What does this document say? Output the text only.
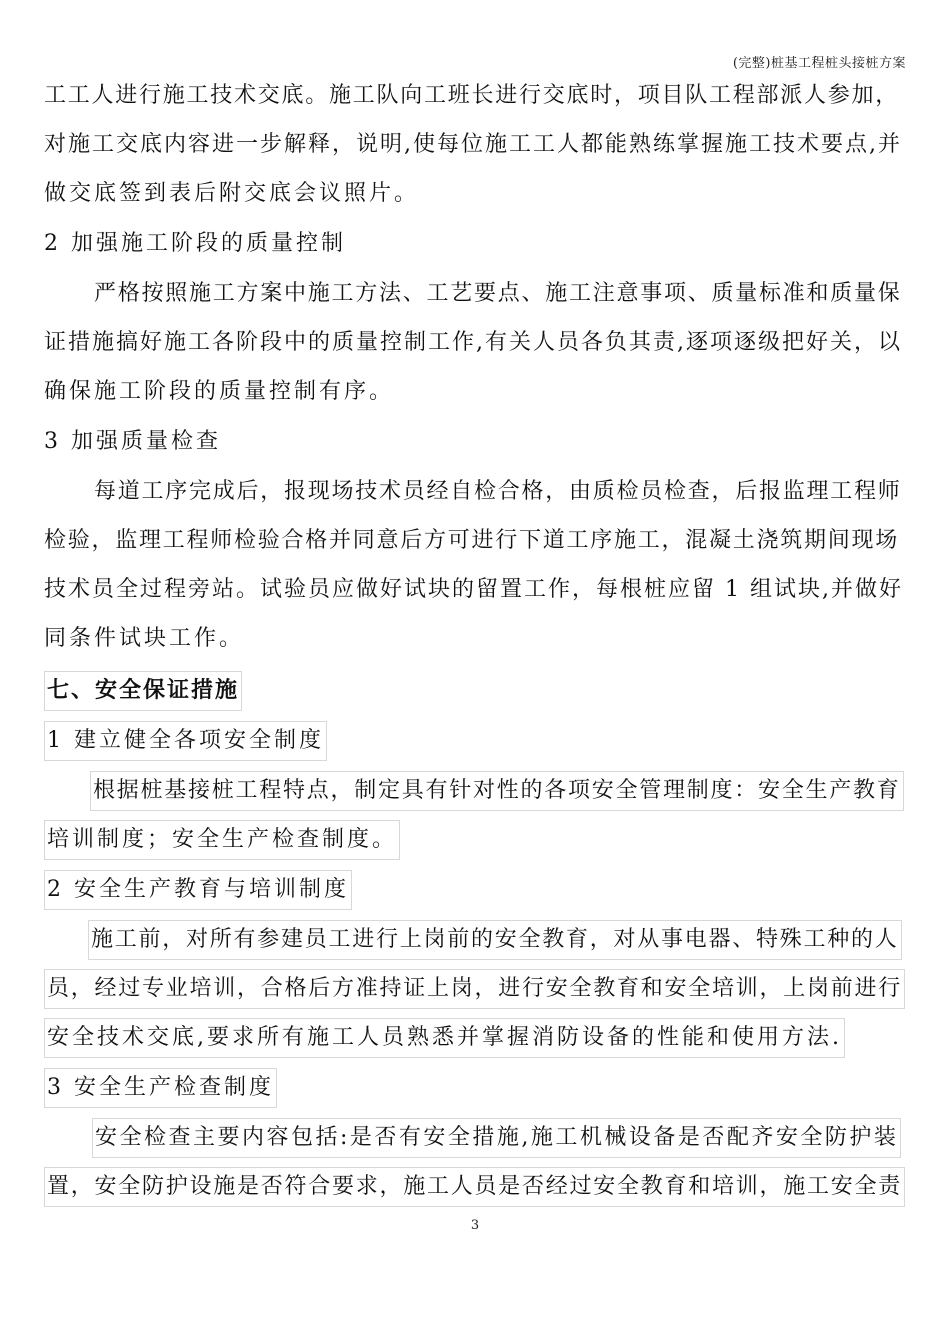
(完整)桩基工程桩头接桩方案
工工人进行施工技术交底。施工队向工班长进行交底时，项目队工程部派人参加，
对施工交底内容进一步解释，说明,使每位施工工人都能熟练掌握施工技术要点,并
做交底签到表后附交底会议照片。
2 加强施工阶段的质量控制
严格按照施工方案中施工方法、工艺要点、施工注意事项、质量标准和质量保
证措施搞好施工各阶段中的质量控制工作,有关人员各负其责,逐项逐级把好关，以
确保施工阶段的质量控制有序。
3 加强质量检查
每道工序完成后，报现场技术员经自检合格，由质检员检查，后报监理工程师
检验，监理工程师检验合格并同意后方可进行下道工序施工，混凝土浇筑期间现场
技术员全过程旁站。试验员应做好试块的留置工作，每根桩应留 1 组试块,并做好
同条件试块工作。
七、安全保证措施
1 建立健全各项安全制度
根据桩基接桩工程特点，制定具有针对性的各项安全管理制度：安全生产教育
培训制度；安全生产检查制度。
2 安全生产教育与培训制度
施工前，对所有参建员工进行上岗前的安全教育，对从事电器、特殊工种的人
员，经过专业培训，合格后方准持证上岗，进行安全教育和安全培训，上岗前进行
安全技术交底,要求所有施工人员熟悉并掌握消防设备的性能和使用方法.
3 安全生产检查制度
安全检查主要内容包括:是否有安全措施,施工机械设备是否配齐安全防护装
置，安全防护设施是否符合要求，施工人员是否经过安全教育和培训，施工安全责
3
